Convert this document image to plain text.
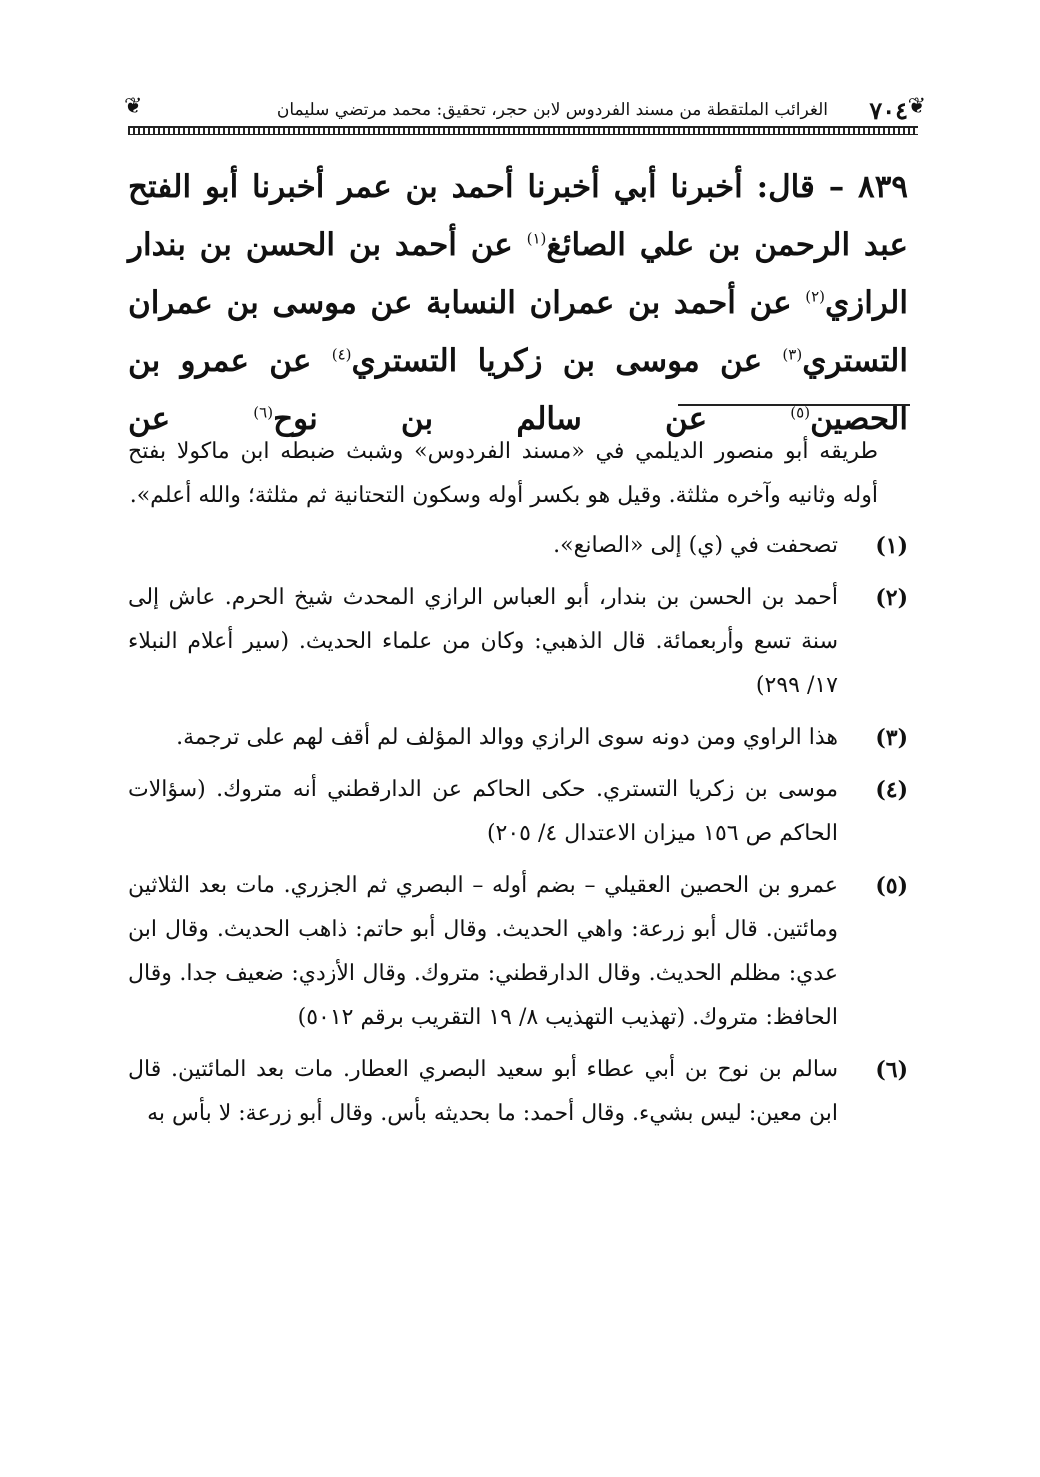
❦
٧٠٤
الغرائب الملتقطة من مسند الفردوس لابن حجر، تحقيق: محمد مرتضي سليمان
❦

٨٣٩ – قال: أخبرنا أبي أخبرنا أحمد بن عمر أخبرنا أبو الفتح عبد الرحمن بن علي الصائغ$^{(١)}$ عن أحمد بن الحسن بن بندار الرازي$^{(٢)}$ عن أحمد بن عمران النسابة عن موسى بن عمران التستري$^{(٣)}$ عن موسى بن زكريا التستري$^{(٤)}$ عن عمرو بن الحصين$^{(٥)}$ عن سالم بن نوح$^{(٦)}$ عن

طريقه أبو منصور الديلمي في «مسند الفردوس» وشبث ضبطه ابن ماكولا بفتح أوله وثانيه وآخره مثلثة. وقيل هو بكسر أوله وسكون التحتانية ثم مثلثة؛ والله أعلم».

(١)
تصحفت في (ي) إلى «الصانع».

(٢)
أحمد بن الحسن بن بندار، أبو العباس الرازي المحدث شيخ الحرم. عاش إلى سنة تسع وأربعمائة. قال الذهبي: وكان من علماء الحديث. (سير أعلام النبلاء ١٧/ ٢٩٩)

(٣)
هذا الراوي ومن دونه سوى الرازي ووالد المؤلف لم أقف لهم على ترجمة.

(٤)
موسى بن زكريا التستري. حكى الحاكم عن الدارقطني أنه متروك. (سؤالات الحاكم ص ١٥٦ ميزان الاعتدال ٤/ ٢٠٥)

(٥)
عمرو بن الحصين العقيلي – بضم أوله – البصري ثم الجزري. مات بعد الثلاثين ومائتين. قال أبو زرعة: واهي الحديث. وقال أبو حاتم: ذاهب الحديث. وقال ابن عدي: مظلم الحديث. وقال الدارقطني: متروك. وقال الأزدي: ضعيف جدا. وقال الحافظ: متروك. (تهذيب التهذيب ٨/ ١٩ التقريب برقم ٥٠١٢)

(٦)
سالم بن نوح بن أبي عطاء أبو سعيد البصري العطار. مات بعد المائتين. قال ابن معين: ليس بشيء. وقال أحمد: ما بحديثه بأس. وقال أبو زرعة: لا بأس به
